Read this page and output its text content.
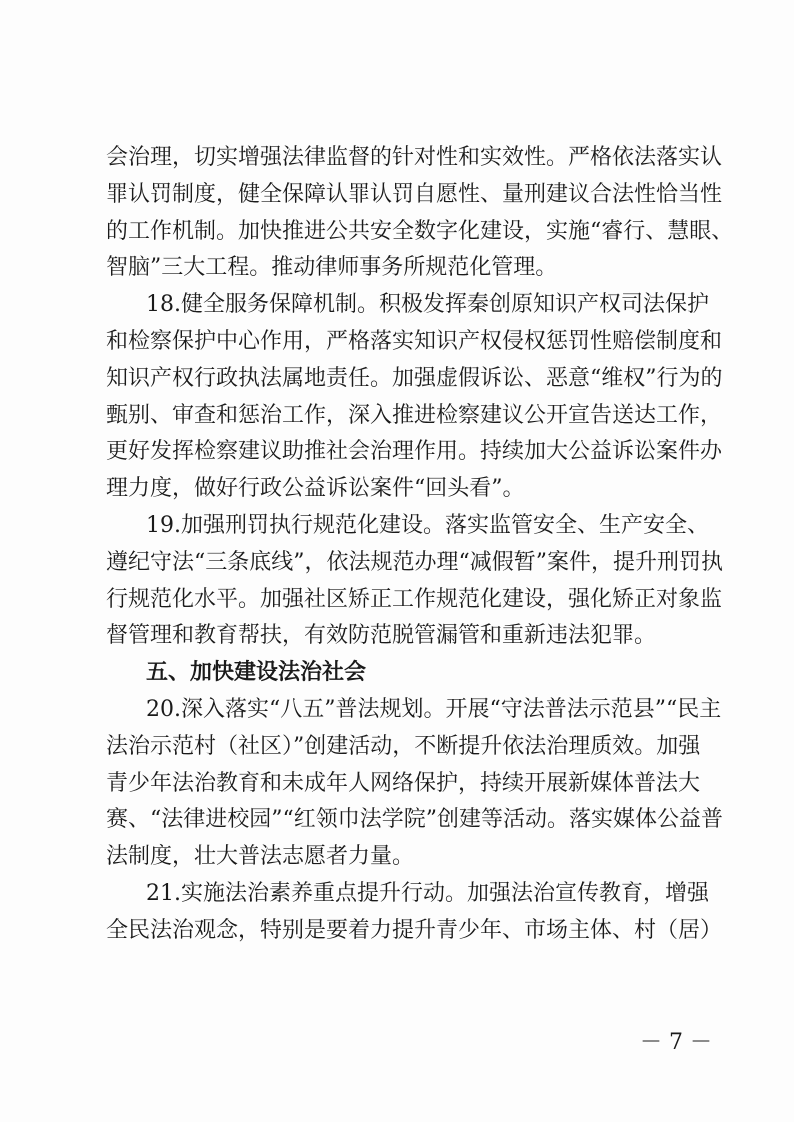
会治理，切实增强法律监督的针对性和实效性。严格依法落实认
罪认罚制度，健全保障认罪认罚自愿性、量刑建议合法性恰当性
的工作机制。加快推进公共安全数字化建设，实施“睿行、慧眼、
智脑”三大工程。推动律师事务所规范化管理。
18.健全服务保障机制。积极发挥秦创原知识产权司法保护
和检察保护中心作用，严格落实知识产权侵权惩罚性赔偿制度和
知识产权行政执法属地责任。加强虚假诉讼、恶意“维权”行为的
甄别、审查和惩治工作，深入推进检察建议公开宣告送达工作，
更好发挥检察建议助推社会治理作用。持续加大公益诉讼案件办
理力度，做好行政公益诉讼案件“回头看”。
19.加强刑罚执行规范化建设。落实监管安全、生产安全、
遵纪守法“三条底线”，依法规范办理“减假暂”案件，提升刑罚执
行规范化水平。加强社区矫正工作规范化建设，强化矫正对象监
督管理和教育帮扶，有效防范脱管漏管和重新违法犯罪。
五、加快建设法治社会
20.深入落实“八五”普法规划。开展“守法普法示范县”“民主
法治示范村（社区）”创建活动，不断提升依法治理质效。加强
青少年法治教育和未成年人网络保护，持续开展新媒体普法大
赛、“法律进校园”“红领巾法学院”创建等活动。落实媒体公益普
法制度，壮大普法志愿者力量。
21.实施法治素养重点提升行动。加强法治宣传教育，增强
全民法治观念，特别是要着力提升青少年、市场主体、村（居）
－ 7 －
